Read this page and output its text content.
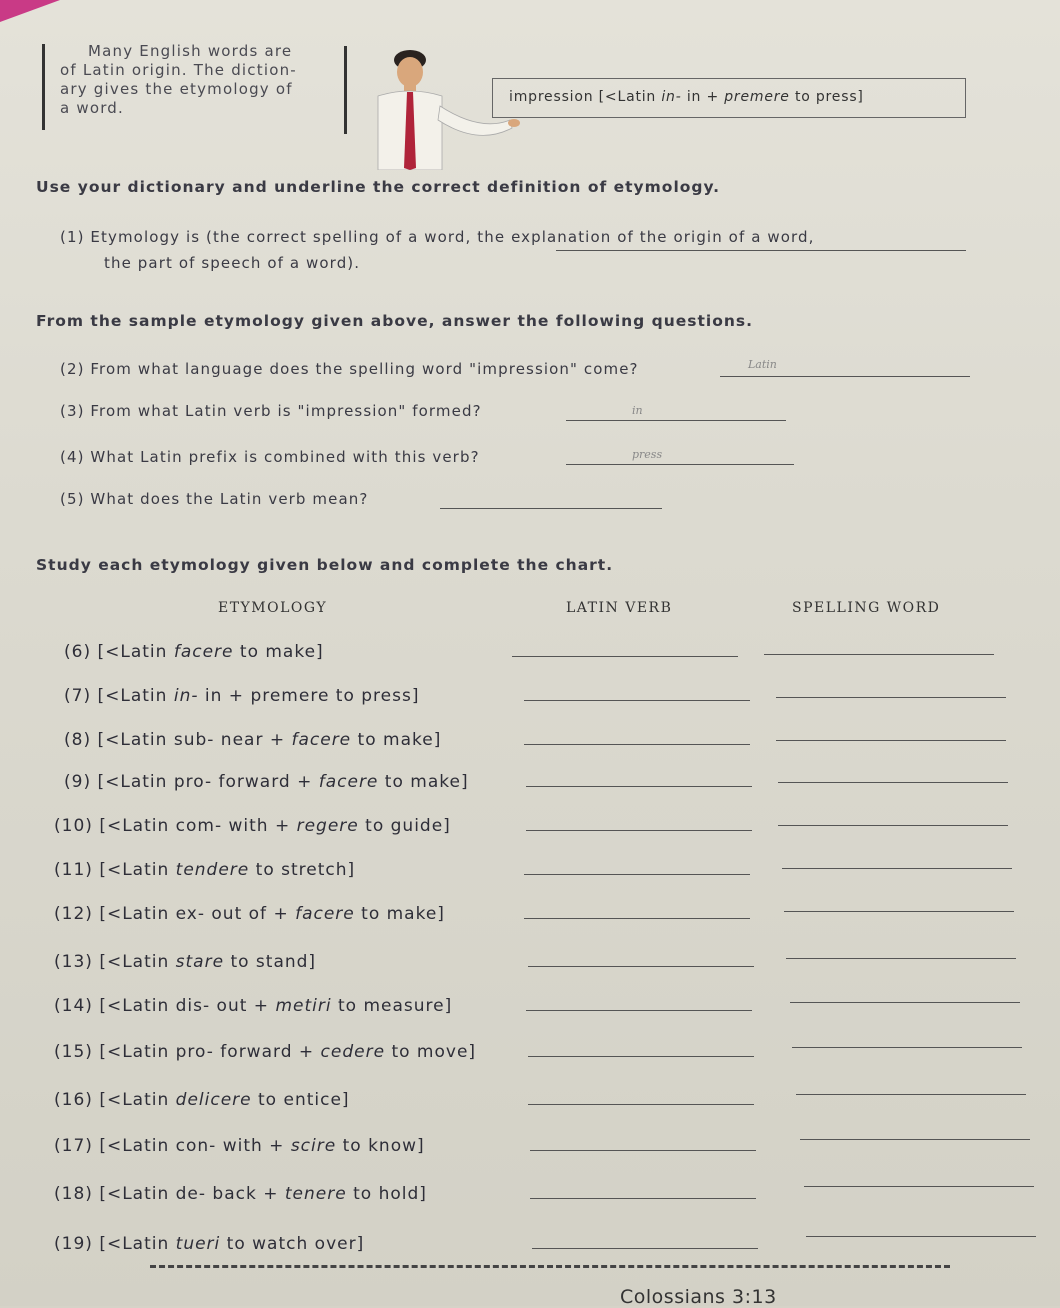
Many English words are
of Latin origin. The diction-
ary gives the etymology of
a word.
impression [<Latin in- in + premere to press]
Use your dictionary and underline the correct definition of etymology.
(1) Etymology is (the correct spelling of a word, the explanation of the origin of a word,
the part of speech of a word).
From the sample etymology given above, answer the following questions.
(2) From what language does the spelling word "impression" come?	Latin
(3) From what Latin verb is "impression" formed?	in
(4) What Latin prefix is combined with this verb?	press
(5) What does the Latin verb mean?
Study each etymology given below and complete the chart.
ETYMOLOGY	LATIN VERB	SPELLING WORD
(6) [<Latin facere to make]
(7) [<Latin in- in + premere to press]
(8) [<Latin sub- near + facere to make]
(9) [<Latin pro- forward + facere to make]
(10) [<Latin com- with + regere to guide]
(11) [<Latin tendere to stretch]
(12) [<Latin ex- out of + facere to make]
(13) [<Latin stare to stand]
(14) [<Latin dis- out + metiri to measure]
(15) [<Latin pro- forward + cedere to move]
(16) [<Latin delicere to entice]
(17) [<Latin con- with + scire to know]
(18) [<Latin de- back + tenere to hold]
(19) [<Latin tueri to watch over]
Colossians 3:13
